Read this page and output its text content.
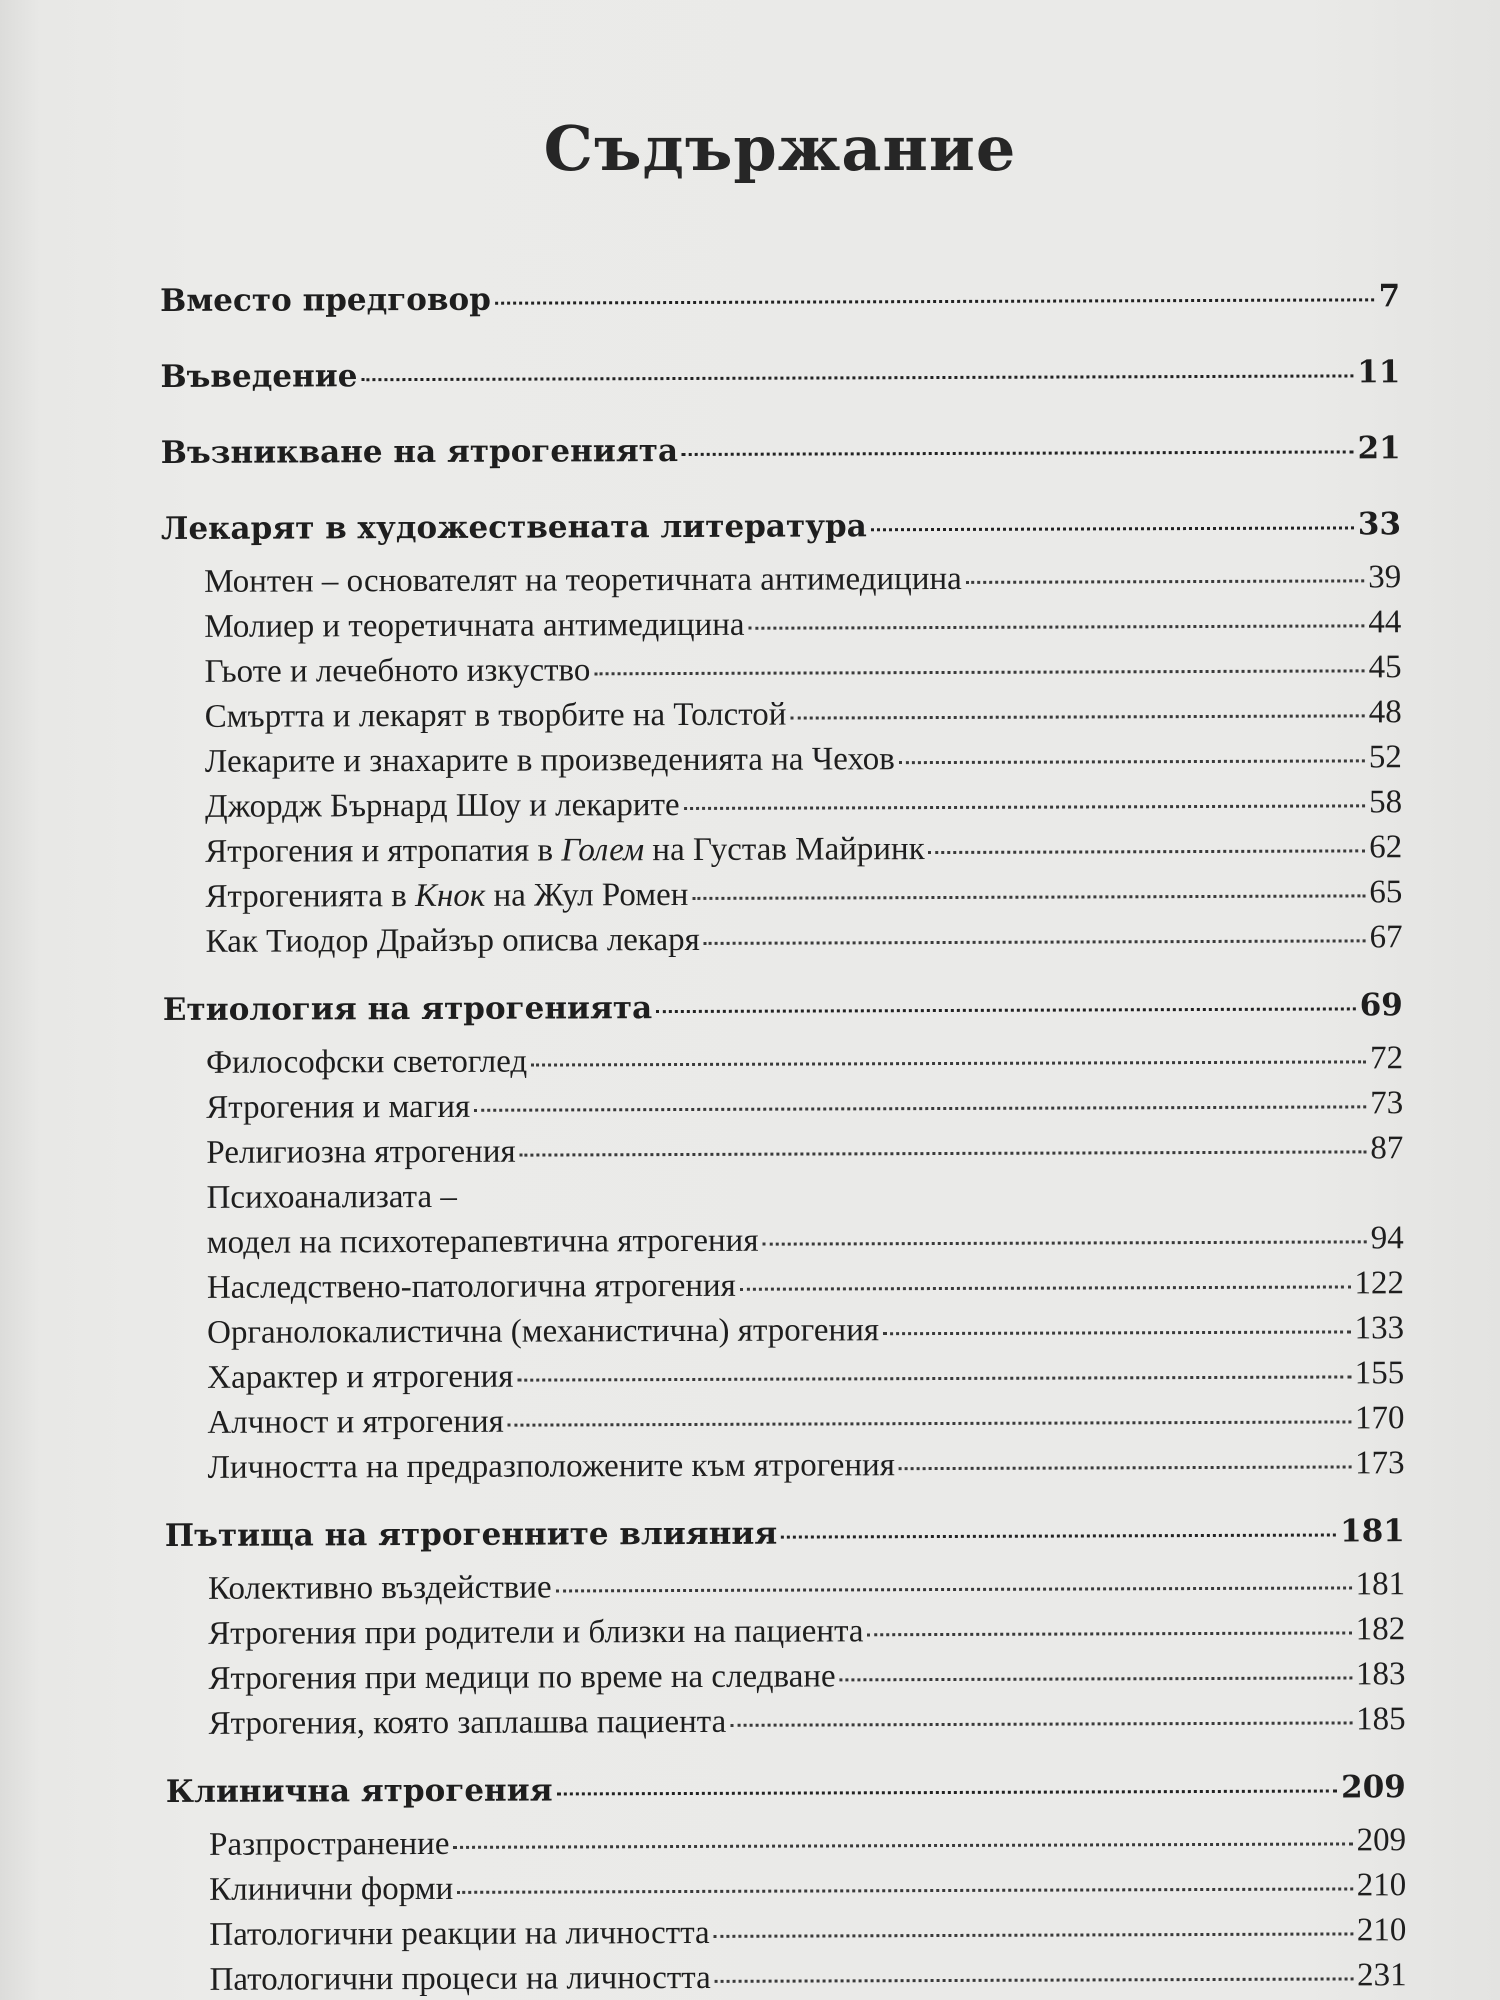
Съдържание
Вместо предговор	7
Въведение	11
Възникване на ятрогенията	21
Лекарят в художествената литература	33
Монтен – основателят на теоретичната антимедицина	39
Молиер и теоретичната антимедицина	44
Гьоте и лечебното изкуство	45
Смъртта и лекарят в творбите на Толстой	48
Лекарите и знахарите в произведенията на Чехов	52
Джордж Бърнард Шоу и лекарите	58
Ятрогения и ятропатия в Голем на Густав Майринк	62
Ятрогенията в Кнок на Жул Ромен	65
Как Тиодор Драйзър описва лекаря	67
Етиология на ятрогенията	69
Философски светоглед	72
Ятрогения и магия	73
Религиозна ятрогения	87
Психоанализата –
модел на психотерапевтична ятрогения	94
Наследствено-патологична ятрогения	122
Органолокалистична (механистична) ятрогения	133
Характер и ятрогения	155
Алчност и ятрогения	170
Личността на предразположените към ятрогения	173
Пътища на ятрогенните влияния	181
Колективно въздействие	181
Ятрогения при родители и близки на пациента	182
Ятрогения при медици по време на следване	183
Ятрогения, която заплашва пациента	185
Клинична ятрогения	209
Разпространение	209
Клинични форми	210
Патологични реакции на личността	210
Патологични процеси на личността	231
